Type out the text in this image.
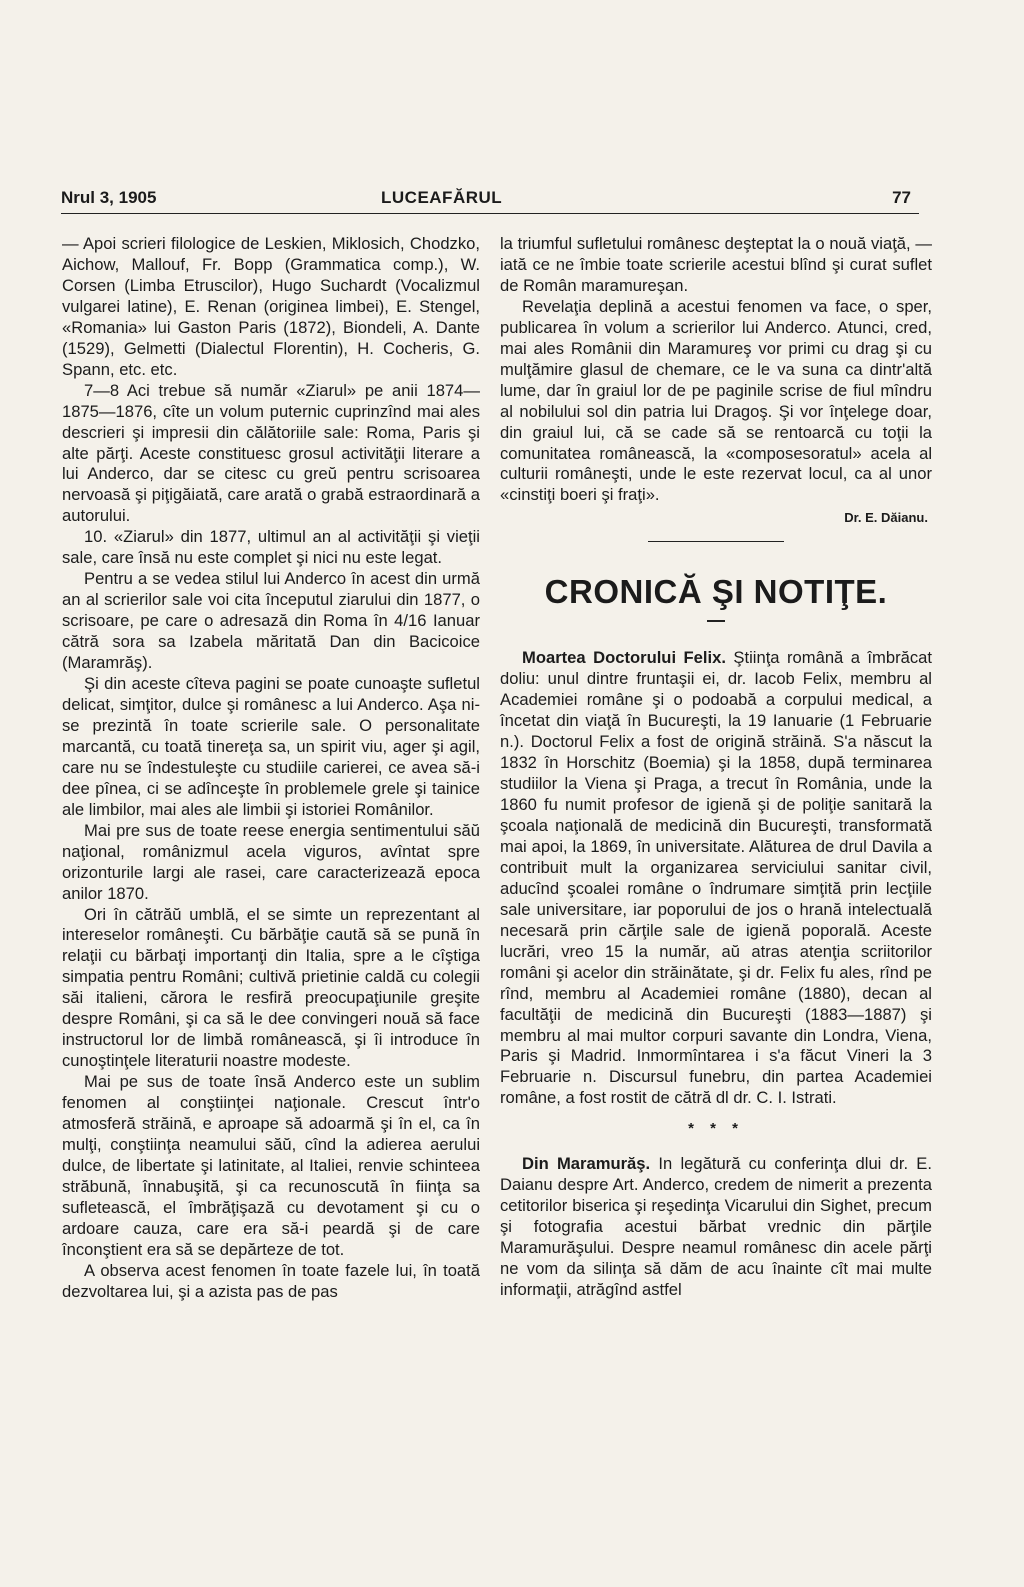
Nrul 3, 1905	LUCEAFĂRUL	77

— Apoi scrieri filologice de Leskien, Miklosich, Chodzko, Aichow, Mallouf, Fr. Bopp (Grammatica comp.), W. Corsen (Limba Etruscilor), Hugo Suchardt (Vocalizmul vulgarei latine), E. Renan (originea limbei), E. Stengel, «Romania» lui Gaston Paris (1872), Biondeli, A. Dante (1529), Gelmetti (Dialectul Florentin), H. Cocheris, G. Spann, etc. etc.

7—8 Aci trebue să număr «Ziarul» pe anii 1874—1875—1876, cîte un volum puternic cuprinzînd mai ales descrieri şi impresii din călătoriile sale: Roma, Paris şi alte părţi. Aceste constituesc grosul activităţii literare a lui Anderco, dar se citesc cu greŭ pentru scrisoarea nervoasă şi piţigăiată, care arată o grabă estraordinară a autorului.

10. «Ziarul» din 1877, ultimul an al activităţii şi vieţii sale, care însă nu este complet şi nici nu este legat.

Pentru a se vedea stilul lui Anderco în acest din urmă an al scrierilor sale voi cita începutul ziarului din 1877, o scrisoare, pe care o adresază din Roma în 4/16 Ianuar cătră sora sa Izabela măritată Dan din Bacicoice (Maramrăş).

Şi din aceste cîteva pagini se poate cunoaşte sufletul delicat, simţitor, dulce şi românesc a lui Anderco. Aşa ni-se prezintă în toate scrierile sale. O personalitate marcantă, cu toată tinereţa sa, un spirit viu, ager şi agil, care nu se îndestuleşte cu studiile carierei, ce avea să-i dee pînea, ci se adînceşte în problemele grele şi tainice ale limbilor, mai ales ale limbii şi istoriei Românilor.

Mai pre sus de toate reese energia sentimentului săŭ naţional, românizmul acela viguros, avîntat spre orizonturile largi ale rasei, care caracterizează epoca anilor 1870.

Ori în cătrăŭ umblă, el se simte un reprezentant al intereselor româneşti. Cu bărbăţie caută să se pună în relaţii cu bărbaţi importanţi din Italia, spre a le cîştiga simpatia pentru Români; cultivă prietinie caldă cu colegii săi italieni, cărora le resfiră preocupaţiunile greşite despre Români, şi ca să le dee convingeri nouă să face instructorul lor de limbă românească, şi îi introduce în cunoştinţele literaturii noastre modeste.

Mai pe sus de toate însă Anderco este un sublim fenomen al conştiinţei naţionale. Crescut într'o atmosferă străină, e aproape să adoarmă şi în el, ca în mulţi, conştiinţa neamului săŭ, cînd la adierea aerului dulce, de libertate şi latinitate, al Italiei, renvie schinteea străbună, înnabuşită, şi ca recunoscută în fiinţa sa sufletească, el îmbrăţişază cu devotament şi cu o ardoare cauza, care era să-i peardă şi de care înconştient era să se depărteze de tot.

A observa acest fenomen în toate fazele lui, în toată dezvoltarea lui, şi a azista pas de pas

la triumful sufletului românesc deşteptat la o nouă viaţă, — iată ce ne îmbie toate scrierile acestui blînd şi curat suflet de Român maramureşan.

Revelaţia deplină a acestui fenomen va face, o sper, publicarea în volum a scrierilor lui Anderco. Atunci, cred, mai ales Românii din Maramureş vor primi cu drag şi cu mulţămire glasul de chemare, ce le va suna ca dintr'altă lume, dar în graiul lor de pe paginile scrise de fiul mîndru al nobilului sol din patria lui Dragoş. Şi vor înţelege doar, din graiul lui, că se cade să se rentoarcă cu toţii la comunitatea românească, la «composesoratul» acela al culturii româneşti, unde le este rezervat locul, ca al unor «cinstiţi boeri şi fraţi».

Dr. E. Dăianu.
CRONICĂ ŞI NOTIŢE.

Moartea Doctorului Felix. Ştiinţa română a îmbrăcat doliu: unul dintre fruntaşii ei, dr. Iacob Felix, membru al Academiei române şi o podoabă a corpului medical, a încetat din viaţă în Bucureşti, la 19 Ianuarie (1 Februarie n.). Doctorul Felix a fost de origină străină. S'a născut la 1832 în Horschitz (Boemia) şi la 1858, după terminarea studiilor la Viena şi Praga, a trecut în România, unde la 1860 fu numit profesor de igienă şi de poliţie sanitară la şcoala naţională de medicină din Bucureşti, transformată mai apoi, la 1869, în universitate. Alăturea de drul Davila a contribuit mult la organizarea serviciului sanitar civil, aducînd şcoalei române o îndrumare simţită prin lecţiile sale universitare, iar poporului de jos o hrană intelectuală necesară prin cărţile sale de igienă poporală. Aceste lucrări, vreo 15 la număr, aŭ atras atenţia scriitorilor români şi acelor din străinătate, şi dr. Felix fu ales, rînd pe rînd, membru al Academiei române (1880), decan al facultăţii de medicină din Bucureşti (1883—1887) şi membru al mai multor corpuri savante din Londra, Viena, Paris şi Madrid. Inmormîntarea i s'a făcut Vineri la 3 Februarie n. Discursul funebru, din partea Academiei române, a fost rostit de cătră dl dr. C. I. Istrati.

* * *

Din Maramurăş. In legătură cu conferinţa dlui dr. E. Daianu despre Art. Anderco, credem de nimerit a prezenta cetitorilor biserica şi reşedinţa Vicarului din Sighet, precum şi fotografia acestui bărbat vrednic din părţile Maramurăşului. Despre neamul românesc din acele părţi ne vom da silinţa să dăm de acu înainte cît mai multe informaţii, atrăgînd astfel
